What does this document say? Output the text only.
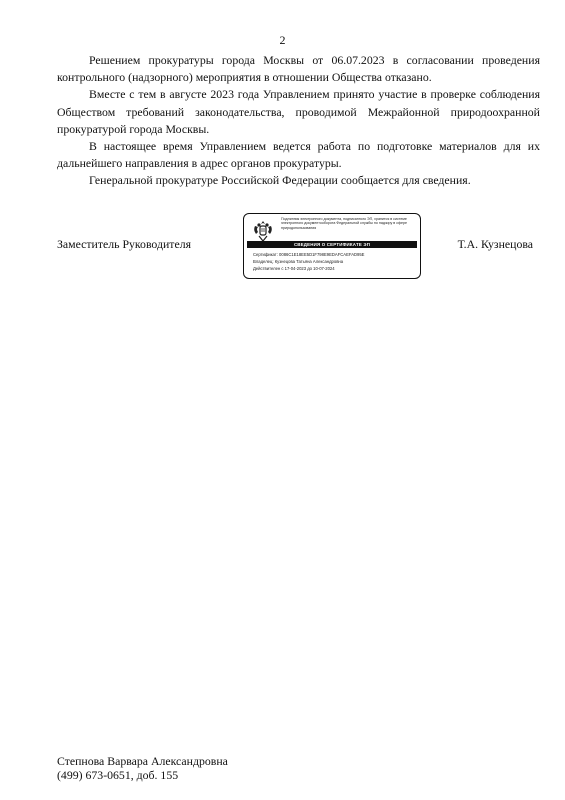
2

Решением прокуратуры города Москвы от 06.07.2023 в согласовании проведения контрольного (надзорного) мероприятия в отношении Общества отказано.

Вместе с тем в августе 2023 года Управлением принято участие в проверке соблюдения Обществом требований законодательства, проводимой Межрайонной природоохранной прокуратурой города Москвы.

В настоящее время Управлением ведется работа по подготовке материалов для их дальнейшего направления в адрес органов прокуратуры.

Генеральной прокуратуре Российской Федерации сообщается для сведения.

Заместитель Руководителя	Т.А. Кузнецова
Подлинник электронного документа, подписанного ЭП, хранится в системе электронного документооборота Федеральной службы по надзору в сфере природопользования
СВЕДЕНИЯ О СЕРТИФИКАТЕ ЭП
Сертификат: 0086C1E18EE5D1F798E9EDAFCAEFAD95E
Владелец: Кузнецова Татьяна Александровна
Действителен с 17-04-2023 до 10-07-2024
Степнова Варвара Александровна
(499) 673-0651, доб. 155
